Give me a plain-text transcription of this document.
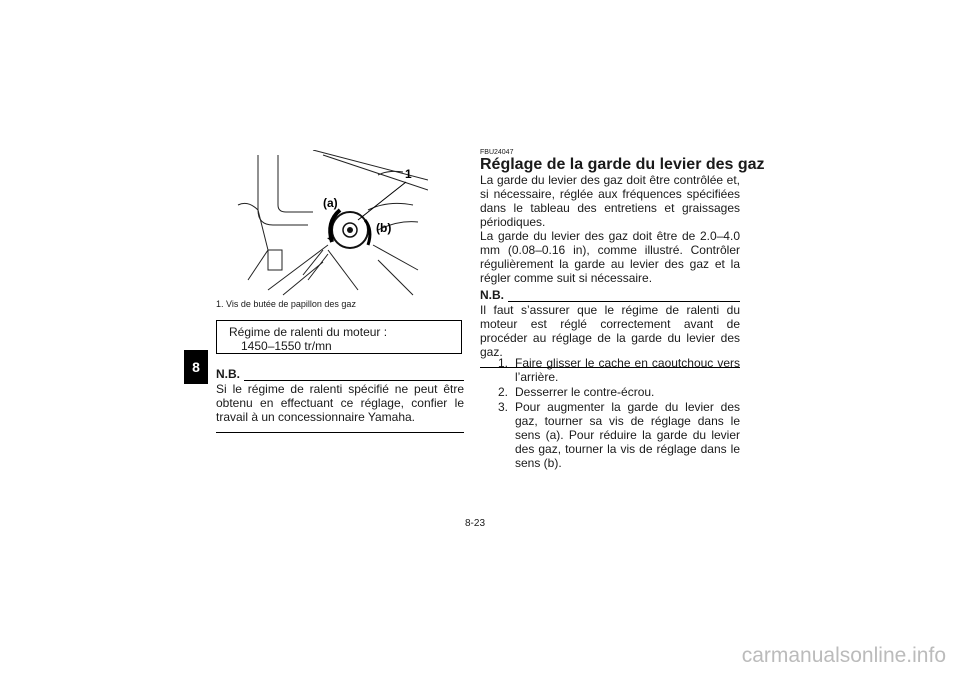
8
1
(a)
(b)
1. Vis de butée de papillon des gaz
Régime de ralenti du moteur :
1450–1550 tr/mn
N.B.
Si le régime de ralenti spécifié ne peut être obtenu en effectuant ce réglage, confier le travail à un concessionnaire Yamaha.
FBU24047
Réglage de la garde du levier des gaz
La garde du levier des gaz doit être contrôlée et, si nécessaire, réglée aux fréquences spécifiées dans le tableau des entretiens et graissages périodiques.
La garde du levier des gaz doit être de 2.0–4.0 mm (0.08–0.16 in), comme illustré. Contrôler régulièrement la garde au levier des gaz et la régler comme suit si nécessaire.
N.B.
Il faut s’assurer que le régime de ralenti du moteur est réglé correctement avant de procéder au réglage de la garde du levier des gaz.
1. Faire glisser le cache en caoutchouc vers l’arrière.
2. Desserrer le contre-écrou.
3. Pour augmenter la garde du levier des gaz, tourner sa vis de réglage dans le sens (a). Pour réduire la garde du levier des gaz, tourner la vis de réglage dans le sens (b).
8-23
carmanualsonline.info
